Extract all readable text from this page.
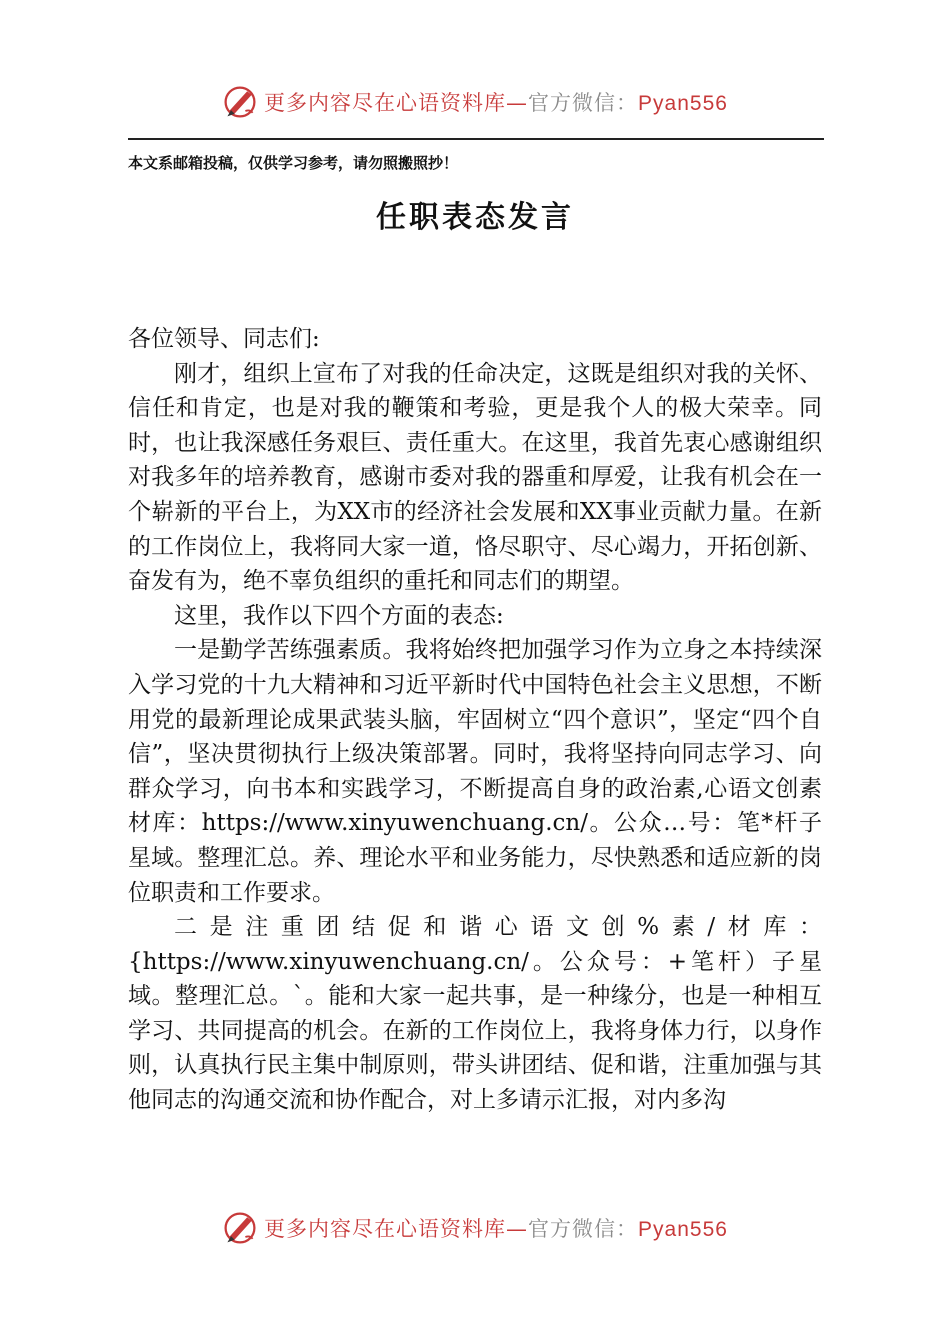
更多内容尽在心语资料库—官方微信：Pyan556
本文系邮箱投稿，仅供学习参考，请勿照搬照抄！
任职表态发言

各位领导、同志们:

刚才，组织上宣布了对我的任命决定，这既是组织对我的关怀、信任和肯定，也是对我的鞭策和考验，更是我个人的极大荣幸。同时，也让我深感任务艰巨、责任重大。在这里，我首先衷心感谢组织对我多年的培养教育，感谢市委对我的器重和厚爱，让我有机会在一个崭新的平台上，为XX市的经济社会发展和XX事业贡献力量。在新的工作岗位上，我将同大家一道，恪尽职守、尽心竭力，开拓创新、奋发有为，绝不辜负组织的重托和同志们的期望。

这里，我作以下四个方面的表态:

一是勤学苦练强素质。我将始终把加强学习作为立身之本持续深入学习党的十九大精神和习近平新时代中国特色社会主义思想，不断用党的最新理论成果武装头脑，牢固树立“四个意识”，坚定“四个自信”，坚决贯彻执行上级决策部署。同时，我将坚持向同志学习、向群众学习，向书本和实践学习，不断提高自身的政治素,心语文创素材库：https://www.xinyuwenchuang.cn/。公众…号：笔*杆子星域。整理汇总。养、理论水平和业务能力，尽快熟悉和适应新的岗位职责和工作要求。

二是注重团结促和谐心语文创%素/材库：{https://www.xinyuwenchuang.cn/。公众号：+笔杆）子星域。整理汇总。`。能和大家一起共事，是一种缘分，也是一种相互学习、共同提高的机会。在新的工作岗位上，我将身体力行，以身作则，认真执行民主集中制原则，带头讲团结、促和谐，注重加强与其他同志的沟通交流和协作配合，对上多请示汇报，对内多沟

更多内容尽在心语资料库—官方微信：Pyan556
